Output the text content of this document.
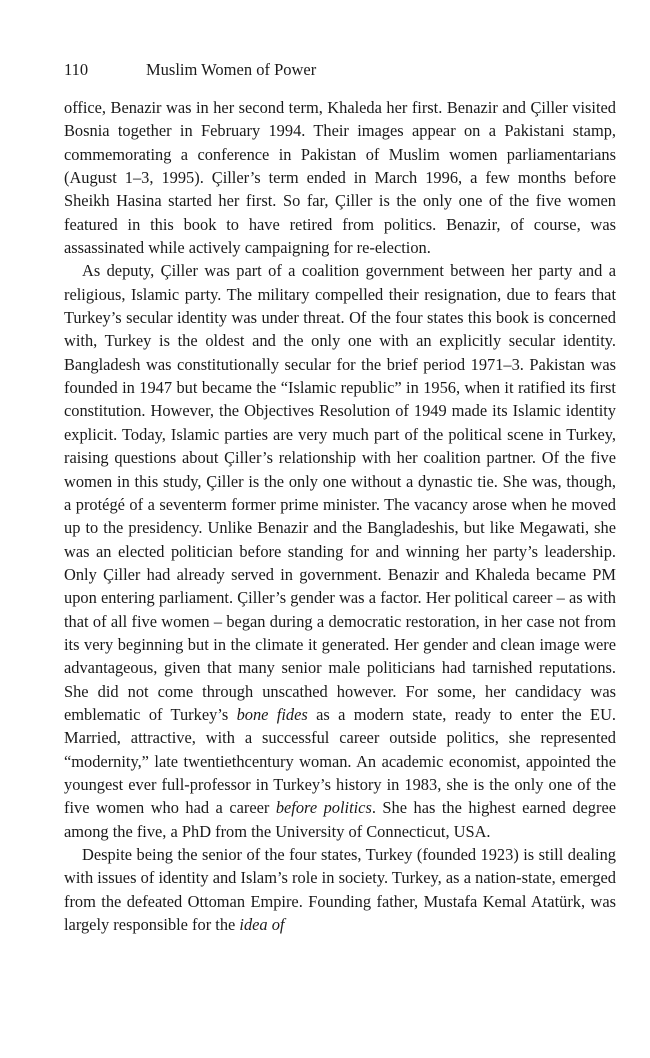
110	Muslim Women of Power

office, Benazir was in her second term, Khaleda her first. Benazir and Çiller visited Bosnia together in February 1994. Their images appear on a Pakistani stamp, commemorating a conference in Pakistan of Muslim women parliamentarians (August 1–3, 1995). Çiller’s term ended in March 1996, a few months before Sheikh Hasina started her first. So far, Çiller is the only one of the five women featured in this book to have retired from politics. Benazir, of course, was assassinated while actively campaigning for re-election.

As deputy, Çiller was part of a coalition government between her party and a religious, Islamic party. The military compelled their resignation, due to fears that Turkey’s secular identity was under threat. Of the four states this book is concerned with, Turkey is the oldest and the only one with an explicitly secular identity. Bangladesh was constitutionally secular for the brief period 1971–3. Pakistan was founded in 1947 but became the “Islamic republic” in 1956, when it ratified its first constitution. However, the Objectives Resolution of 1949 made its Islamic identity explicit. Today, Islamic parties are very much part of the political scene in Turkey, raising questions about Çiller’s relationship with her coalition partner. Of the five women in this study, Çiller is the only one without a dynastic tie. She was, though, a protégé of a seventerm former prime minister. The vacancy arose when he moved up to the presidency. Unlike Benazir and the Bangladeshis, but like Megawati, she was an elected politician before standing for and winning her party’s leadership. Only Çiller had already served in government. Benazir and Khaleda became PM upon entering parliament. Çiller’s gender was a factor. Her political career – as with that of all five women – began during a democratic restoration, in her case not from its very beginning but in the climate it generated. Her gender and clean image were advantageous, given that many senior male politicians had tarnished reputations. She did not come through unscathed however. For some, her candidacy was emblematic of Turkey’s bone fides as a modern state, ready to enter the EU. Married, attractive, with a successful career outside politics, she represented “modernity,” late twentiethcentury woman. An academic economist, appointed the youngest ever full-professor in Turkey’s history in 1983, she is the only one of the five women who had a career before politics. She has the highest earned degree among the five, a PhD from the University of Connecticut, USA.

Despite being the senior of the four states, Turkey (founded 1923) is still dealing with issues of identity and Islam’s role in society. Turkey, as a nation-state, emerged from the defeated Ottoman Empire. Founding father, Mustafa Kemal Atatürk, was largely responsible for the idea of
